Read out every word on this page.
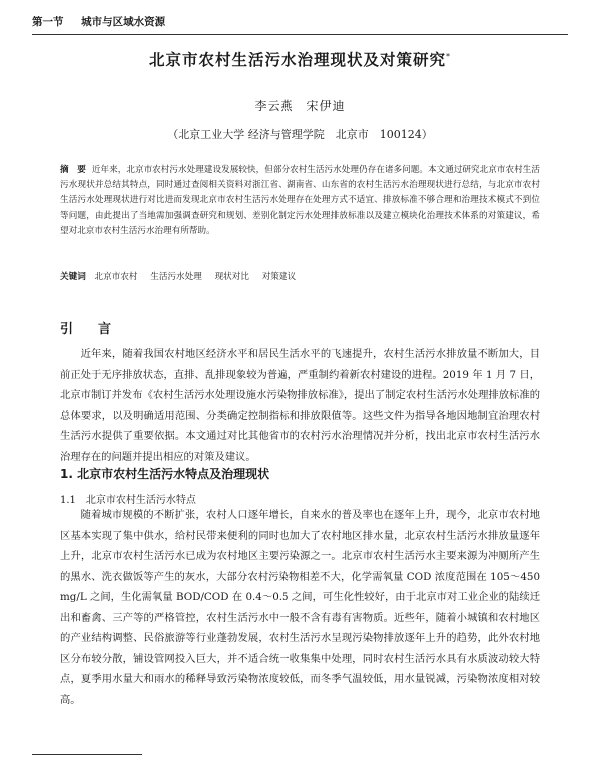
第一节 城市与区域水资源
北京市农村生活污水治理现状及对策研究*
李云燕　宋伊迪
（北京工业大学 经济与管理学院　北京市　100124）
摘　要 近年来，北京市农村污水处理建设发展较快，但部分农村生活污水处理仍存在诸多问题。本文通过研究北京市农村生活污水现状并总结其特点，同时通过查阅相关资料对浙江省、湖南省、山东省的农村生活污水治理现状进行总结，与北京市农村生活污水处理现状进行对比进而发现北京市农村生活污水处理存在处理方式不适宜、排放标准不够合理和治理技术模式不到位等问题，由此提出了当地需加强调查研究和规划、差别化制定污水处理排放标准以及建立模块化治理技术体系的对策建议，希望对北京市农村生活污水治理有所帮助。
关键词 北京市农村 生活污水处理 现状对比 对策建议
引　言
近年来，随着我国农村地区经济水平和居民生活水平的飞速提升，农村生活污水排放量不断加大，目前正处于无序排放状态，直排、乱排现象较为普遍，严重制约着新农村建设的进程。2019 年 1 月 7 日，北京市制订并发布《农村生活污水处理设施水污染物排放标准》，提出了制定农村生活污水处理排放标准的总体要求，以及明确适用范围、分类确定控制指标和排放限值等。这些文件为指导各地因地制宜治理农村生活污水提供了重要依据。本文通过对比其他省市的农村污水治理情况并分析，找出北京市农村生活污水治理存在的问题并提出相应的对策及建议。
1. 北京市农村生活污水特点及治理现状
1.1 北京市农村生活污水特点
随着城市规模的不断扩张，农村人口逐年增长，自来水的普及率也在逐年上升，现今，北京市农村地区基本实现了集中供水，给村民带来便利的同时也加大了农村地区排水量，北京农村生活污水排放量逐年上升，北京市农村生活污水已成为农村地区主要污染源之一。北京市农村生活污水主要来源为冲厕所产生的黑水、洗衣做饭等产生的灰水，大部分农村污染物相差不大，化学需氧量 COD 浓度范围在 105～450 mg/L 之间，生化需氧量 BOD/COD 在 0.4～0.5 之间，可生化性较好，由于北京市对工业企业的陆续迁出和畜禽、三产等的严格管控，农村生活污水中一般不含有毒有害物质。近些年，随着小城镇和农村地区的产业结构调整、民俗旅游等行业蓬勃发展，农村生活污水呈现污染物排放逐年上升的趋势，此外农村地区分布较分散，铺设管网投入巨大，并不适合统一收集集中处理，同时农村生活污水具有水质波动较大特点，夏季用水量大和雨水的稀释导致污染物浓度较低，而冬季气温较低，用水量锐减，污染物浓度相对较高。
